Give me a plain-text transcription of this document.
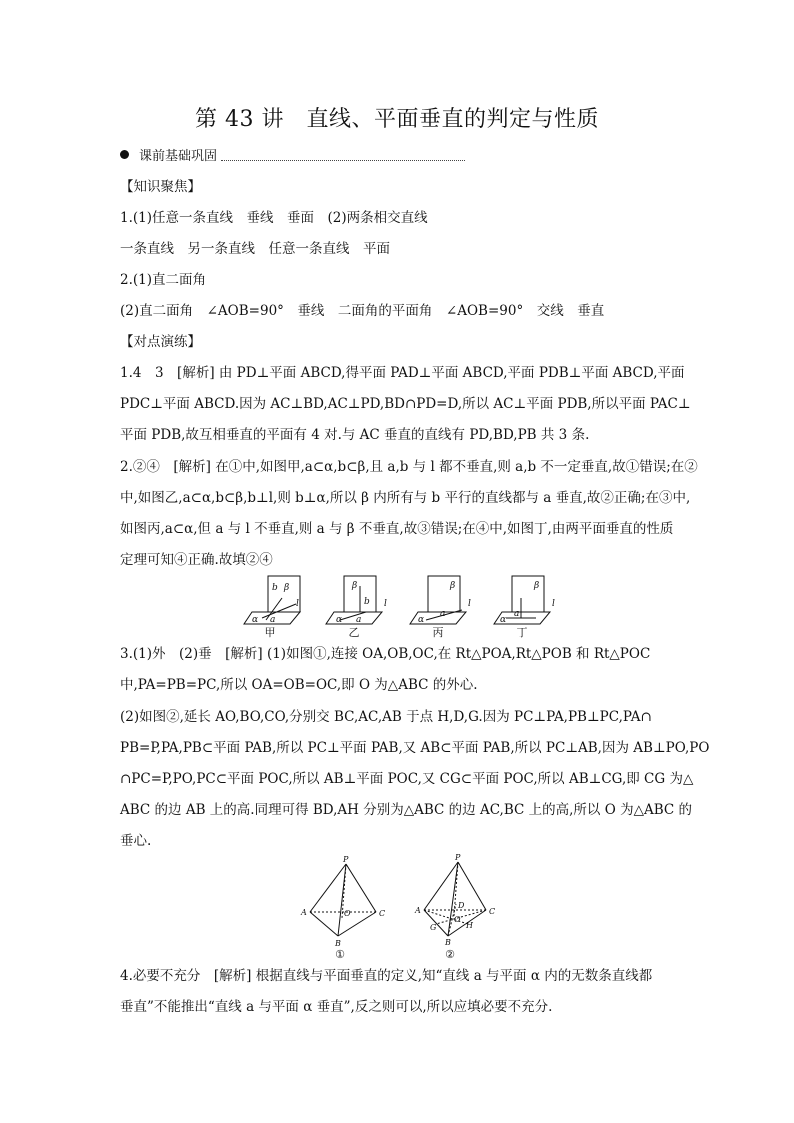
第 43 讲　直线、平面垂直的判定与性质
课前基础巩固
【知识聚焦】
1.(1)任意一条直线　垂线　垂面　(2)两条相交直线
一条直线　另一条直线　任意一条直线　平面
2.(1)直二面角
(2)直二面角　∠AOB=90°　垂线　二面角的平面角　∠AOB=90°　交线　垂直
【对点演练】
1.4　3　[解析] 由 PD⊥平面 ABCD,得平面 PAD⊥平面 ABCD,平面 PDB⊥平面 ABCD,平面
PDC⊥平面 ABCD.因为 AC⊥BD,AC⊥PD,BD∩PD=D,所以 AC⊥平面 PDB,所以平面 PAC⊥
平面 PDB,故互相垂直的平面有 4 对.与 AC 垂直的直线有 PD,BD,PB 共 3 条.
2.②④　[解析] 在①中,如图甲,a⊂α,b⊂β,且 a,b 与 l 都不垂直,则 a,b 不一定垂直,故①错误;在②
中,如图乙,a⊂α,b⊂β,b⊥l,则 b⊥α,所以 β 内所有与 b 平行的直线都与 a 垂直,故②正确;在③中,
如图丙,a⊂α,但 a 与 l 不垂直,则 a 与 β 不垂直,故③错误;在④中,如图丁,由两平面垂直的性质
定理可知④正确.故填②④
b β
l
α a
β
b l
α a
β
l
α
a
β
l
α
a
甲	乙	丙	丁
3.(1)外　(2)垂　[解析] (1)如图①,连接 OA,OB,OC,在 Rt△POA,Rt△POB 和 Rt△POC
中,PA=PB=PC,所以 OA=OB=OC,即 O 为△ABC 的外心.
(2)如图②,延长 AO,BO,CO,分别交 BC,AC,AB 于点 H,D,G.因为 PC⊥PA,PB⊥PC,PA∩
PB=P,PA,PB⊂平面 PAB,所以 PC⊥平面 PAB,又 AB⊂平面 PAB,所以 PC⊥AB,因为 AB⊥PO,PO
∩PC=P,PO,PC⊂平面 POC,所以 AB⊥平面 POC,又 CG⊂平面 POC,所以 AB⊥CG,即 CG 为△
ABC 的边 AB 上的高.同理可得 BD,AH 分别为△ABC 的边 AC,BC 上的高,所以 O 为△ABC 的
垂心.
P
A	C
B
O
P
A	C
B
D
O
G	H
①	②
4.必要不充分　[解析] 根据直线与平面垂直的定义,知“直线 a 与平面 α 内的无数条直线都
垂直”不能推出“直线 a 与平面 α 垂直”,反之则可以,所以应填必要不充分.
